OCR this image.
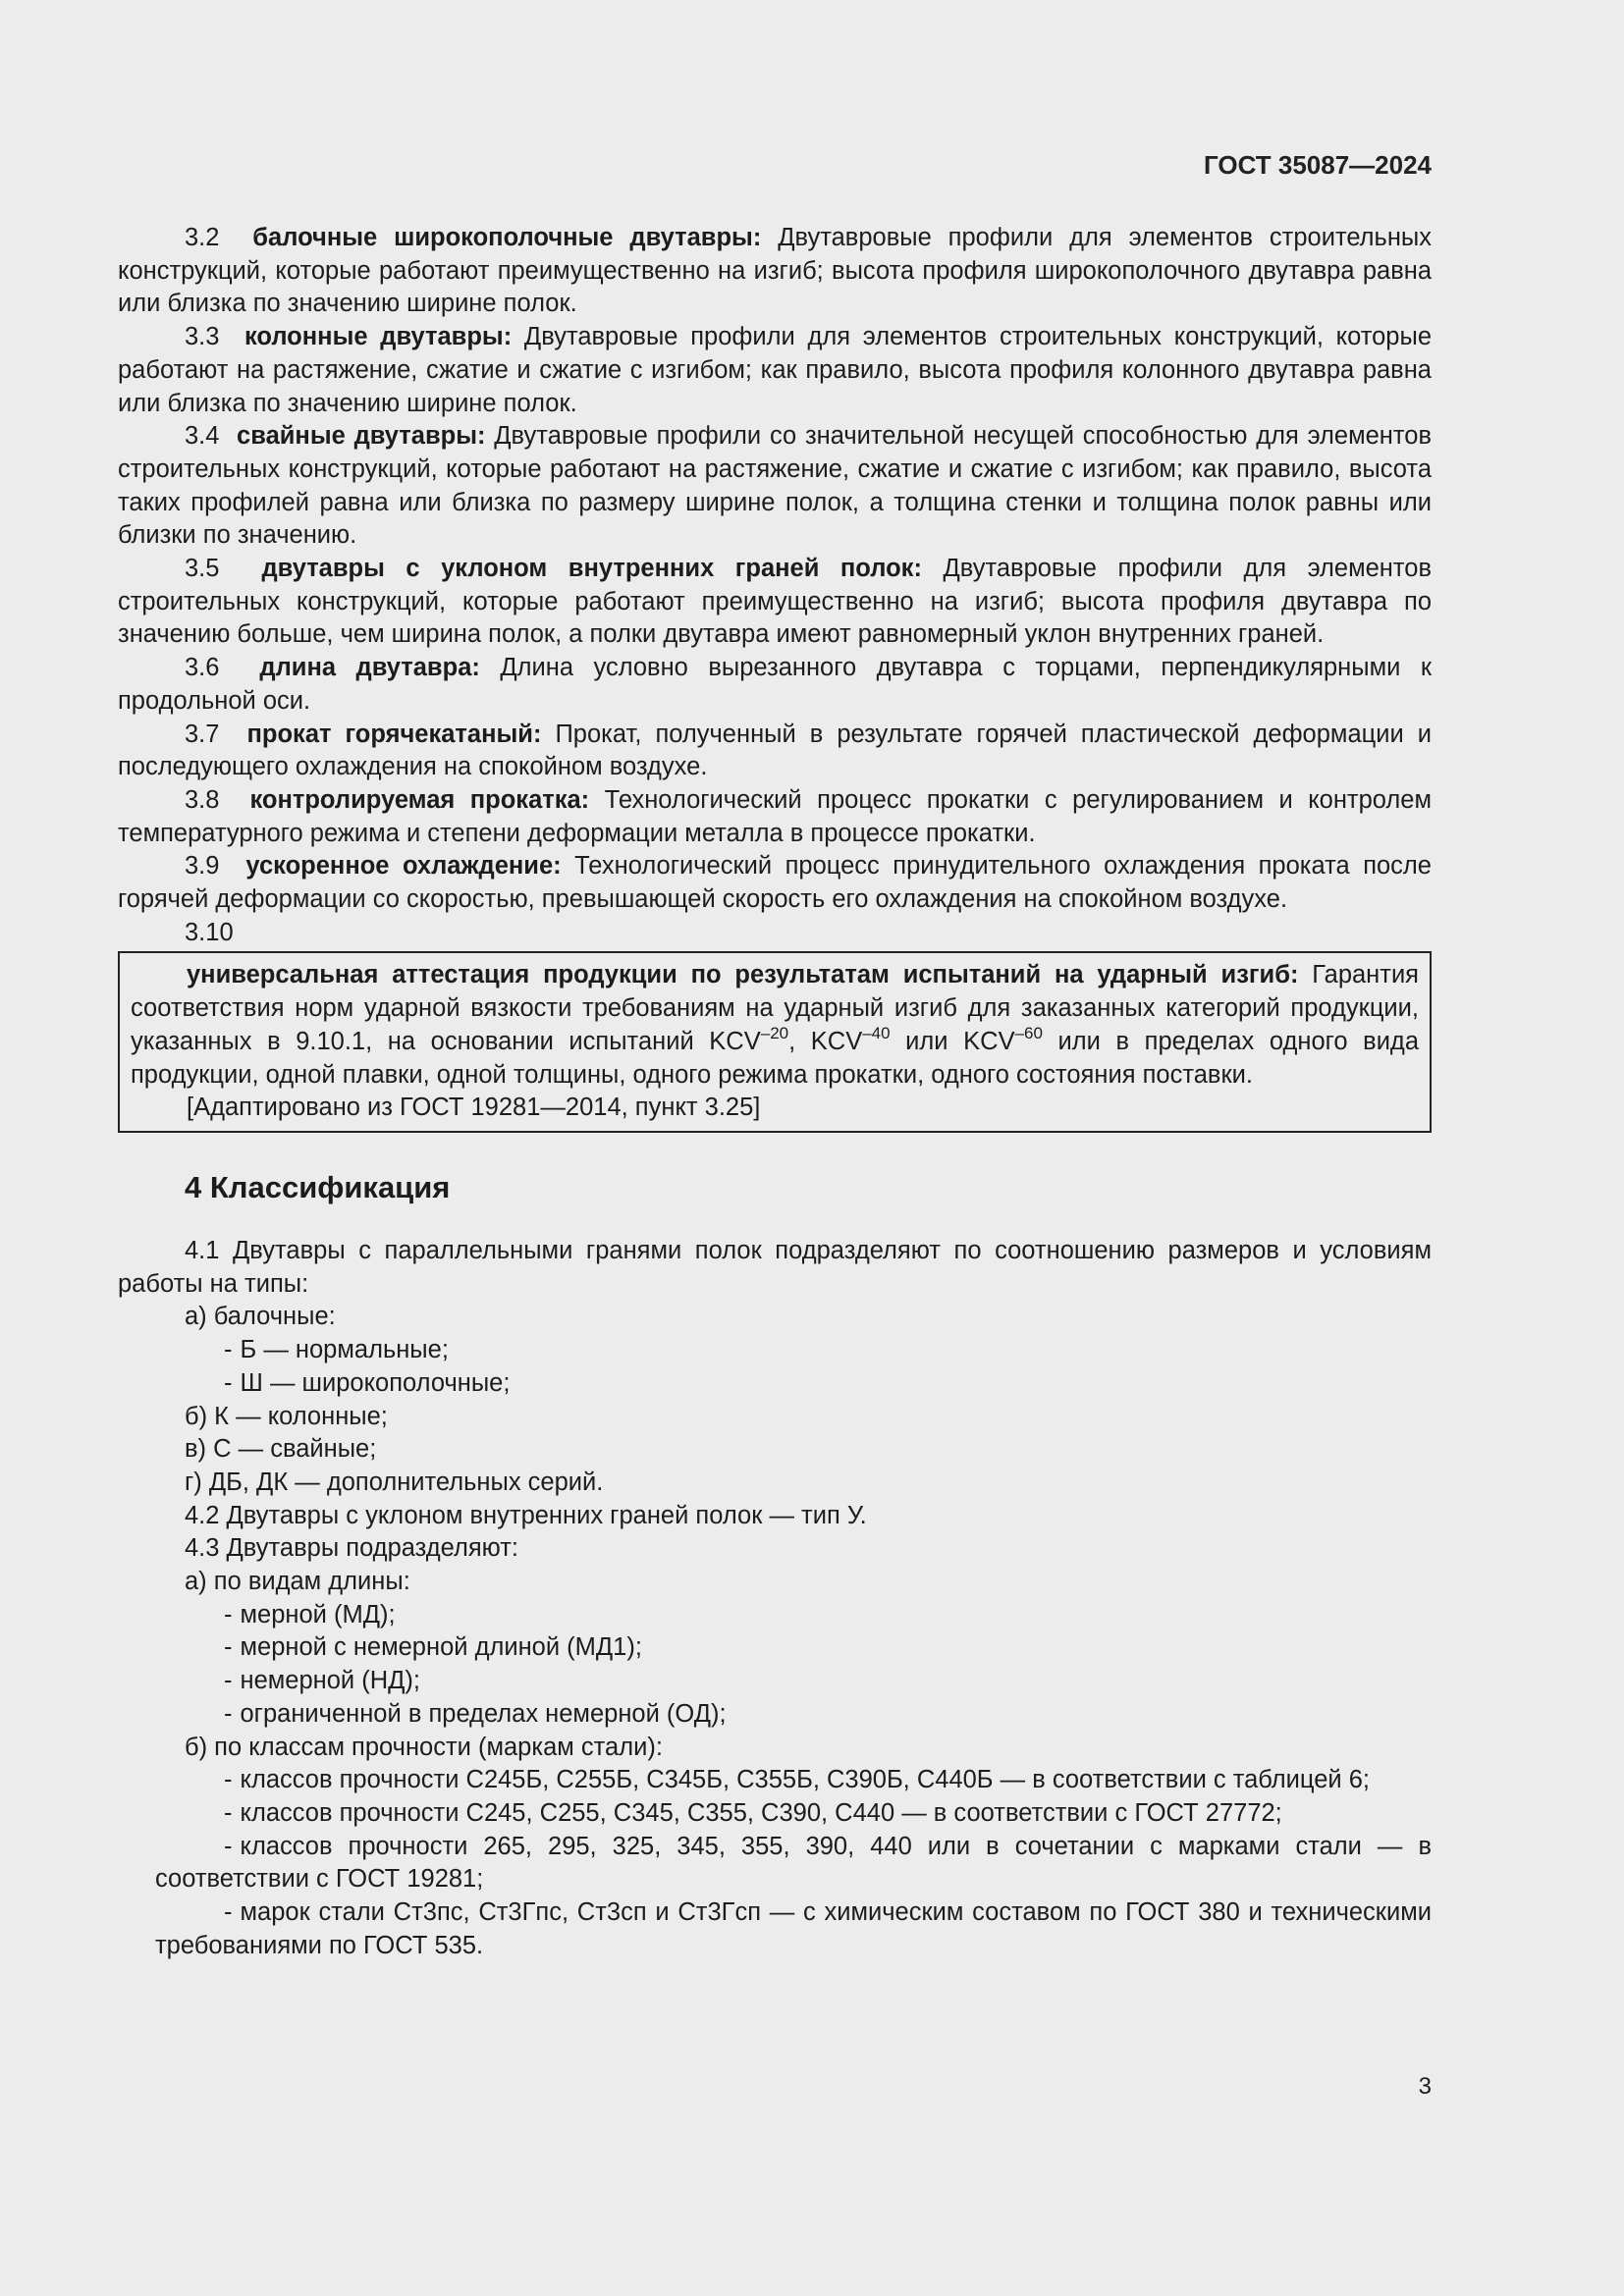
ГОСТ 35087—2024

3.2 балочные широкополочные двутавры: Двутавровые профили для элементов строительных конструкций, которые работают преимущественно на изгиб; высота профиля широкополочного двутавра равна или близка по значению ширине полок.

3.3 колонные двутавры: Двутавровые профили для элементов строительных конструкций, которые работают на растяжение, сжатие и сжатие с изгибом; как правило, высота профиля колонного двутавра равна или близка по значению ширине полок.

3.4 свайные двутавры: Двутавровые профили со значительной несущей способностью для элементов строительных конструкций, которые работают на растяжение, сжатие и сжатие с изгибом; как правило, высота таких профилей равна или близка по размеру ширине полок, а толщина стенки и толщина полок равны или близки по значению.

3.5 двутавры с уклоном внутренних граней полок: Двутавровые профили для элементов строительных конструкций, которые работают преимущественно на изгиб; высота профиля двутавра по значению больше, чем ширина полок, а полки двутавра имеют равномерный уклон внутренних граней.

3.6 длина двутавра: Длина условно вырезанного двутавра с торцами, перпендикулярными к продольной оси.

3.7 прокат горячекатаный: Прокат, полученный в результате горячей пластической деформации и последующего охлаждения на спокойном воздухе.

3.8 контролируемая прокатка: Технологический процесс прокатки с регулированием и контролем температурного режима и степени деформации металла в процессе прокатки.

3.9 ускоренное охлаждение: Технологический процесс принудительного охлаждения проката после горячей деформации со скоростью, превышающей скорость его охлаждения на спокойном воздухе.

3.10

универсальная аттестация продукции по результатам испытаний на ударный изгиб: Гарантия соответствия норм ударной вязкости требованиям на ударный изгиб для заказанных категорий продукции, указанных в 9.10.1, на основании испытаний $KCV^{-20}$, $KCV^{-40}$ или $KCV^{-60}$ или в пределах одного вида продукции, одной плавки, одной толщины, одного режима прокатки, одного состояния поставки.

[Адаптировано из ГОСТ 19281—2014, пункт 3.25]

4 Классификация

4.1 Двутавры с параллельными гранями полок подразделяют по соотношению размеров и условиям работы на типы:

а) балочные:

- Б — нормальные;

- Ш — широкополочные;

б) К — колонные;

в) С — свайные;

г) ДБ, ДК — дополнительных серий.

4.2 Двутавры с уклоном внутренних граней полок — тип У.

4.3 Двутавры подразделяют:

а) по видам длины:

- мерной (МД);

- мерной с немерной длиной (МД1);

- немерной (НД);

- ограниченной в пределах немерной (ОД);

б) по классам прочности (маркам стали):

- классов прочности С245Б, С255Б, С345Б, С355Б, С390Б, С440Б — в соответствии с таблицей 6;

- классов прочности С245, С255, С345, С355, С390, С440 — в соответствии с ГОСТ 27772;

- классов прочности 265, 295, 325, 345, 355, 390, 440 или в сочетании с марками стали — в соответствии с ГОСТ 19281;

- марок стали Ст3пс, Ст3Гпс, Ст3сп и Ст3Гсп — с химическим составом по ГОСТ 380 и техническими требованиями по ГОСТ 535.

3
